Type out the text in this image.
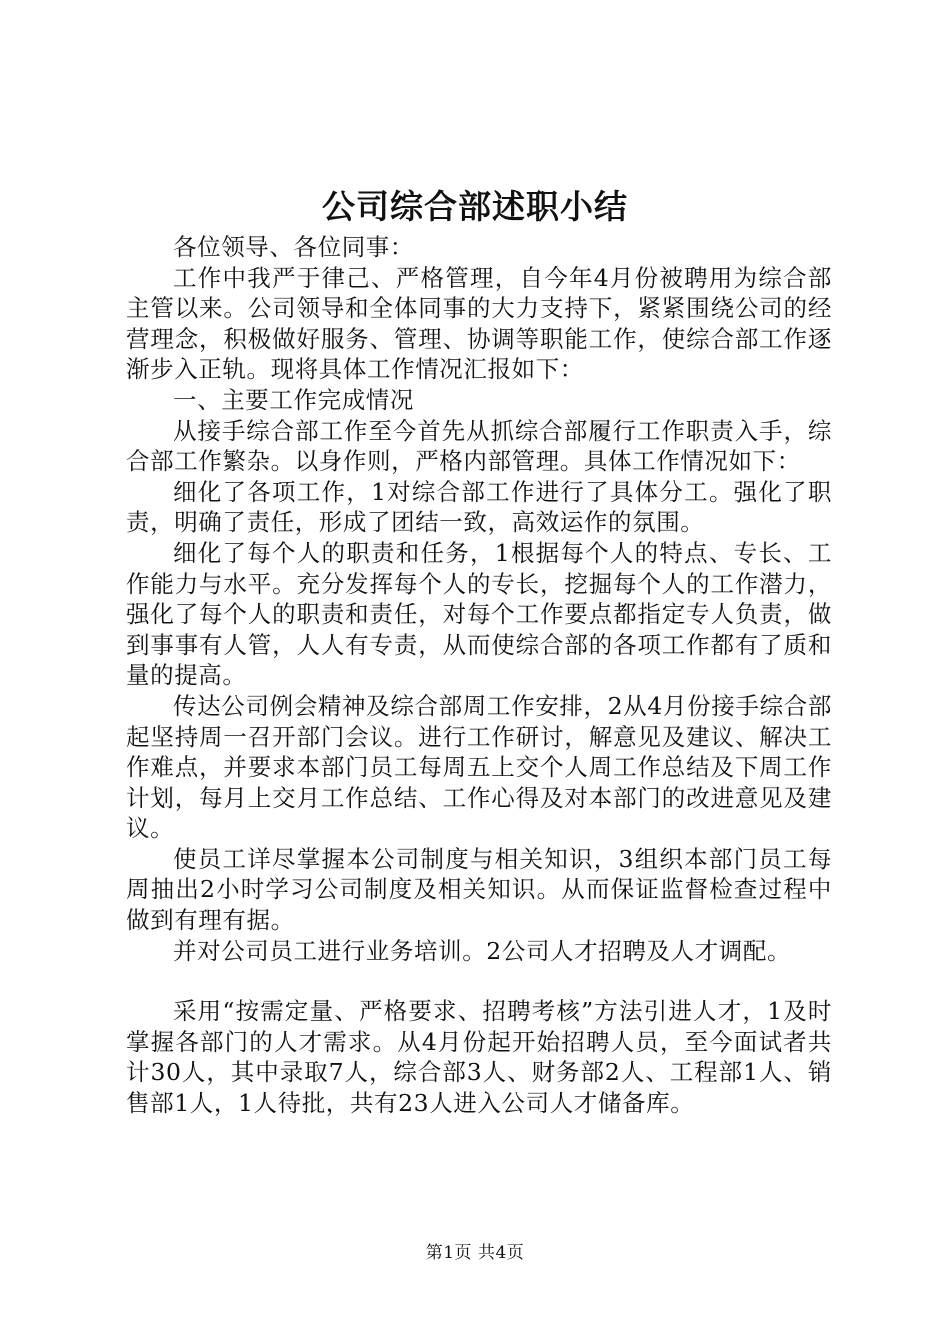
公司综合部述职小结

各位领导、各位同事：

工作中我严于律己、严格管理，自今年4月份被聘用为综合部主管以来。公司领导和全体同事的大力支持下，紧紧围绕公司的经营理念，积极做好服务、管理、协调等职能工作，使综合部工作逐渐步入正轨。现将具体工作情况汇报如下：

一、主要工作完成情况

从接手综合部工作至今首先从抓综合部履行工作职责入手，综合部工作繁杂。以身作则，严格内部管理。具体工作情况如下：

细化了各项工作，1对综合部工作进行了具体分工。强化了职责，明确了责任，形成了团结一致，高效运作的氛围。

细化了每个人的职责和任务，1根据每个人的特点、专长、工作能力与水平。充分发挥每个人的专长，挖掘每个人的工作潜力，强化了每个人的职责和责任，对每个工作要点都指定专人负责，做到事事有人管，人人有专责，从而使综合部的各项工作都有了质和量的提高。

传达公司例会精神及综合部周工作安排，2从4月份接手综合部起坚持周一召开部门会议。进行工作研讨，解意见及建议、解决工作难点，并要求本部门员工每周五上交个人周工作总结及下周工作计划，每月上交月工作总结、工作心得及对本部门的改进意见及建议。

使员工详尽掌握本公司制度与相关知识，3组织本部门员工每周抽出2小时学习公司制度及相关知识。从而保证监督检查过程中做到有理有据。

并对公司员工进行业务培训。2公司人才招聘及人才调配。

采用“按需定量、严格要求、招聘考核”方法引进人才，1及时掌握各部门的人才需求。从4月份起开始招聘人员，至今面试者共计30人，其中录取7人，综合部3人、财务部2人、工程部1人、销售部1人，1人待批，共有23人进入公司人才储备库。

第1页 共4页
